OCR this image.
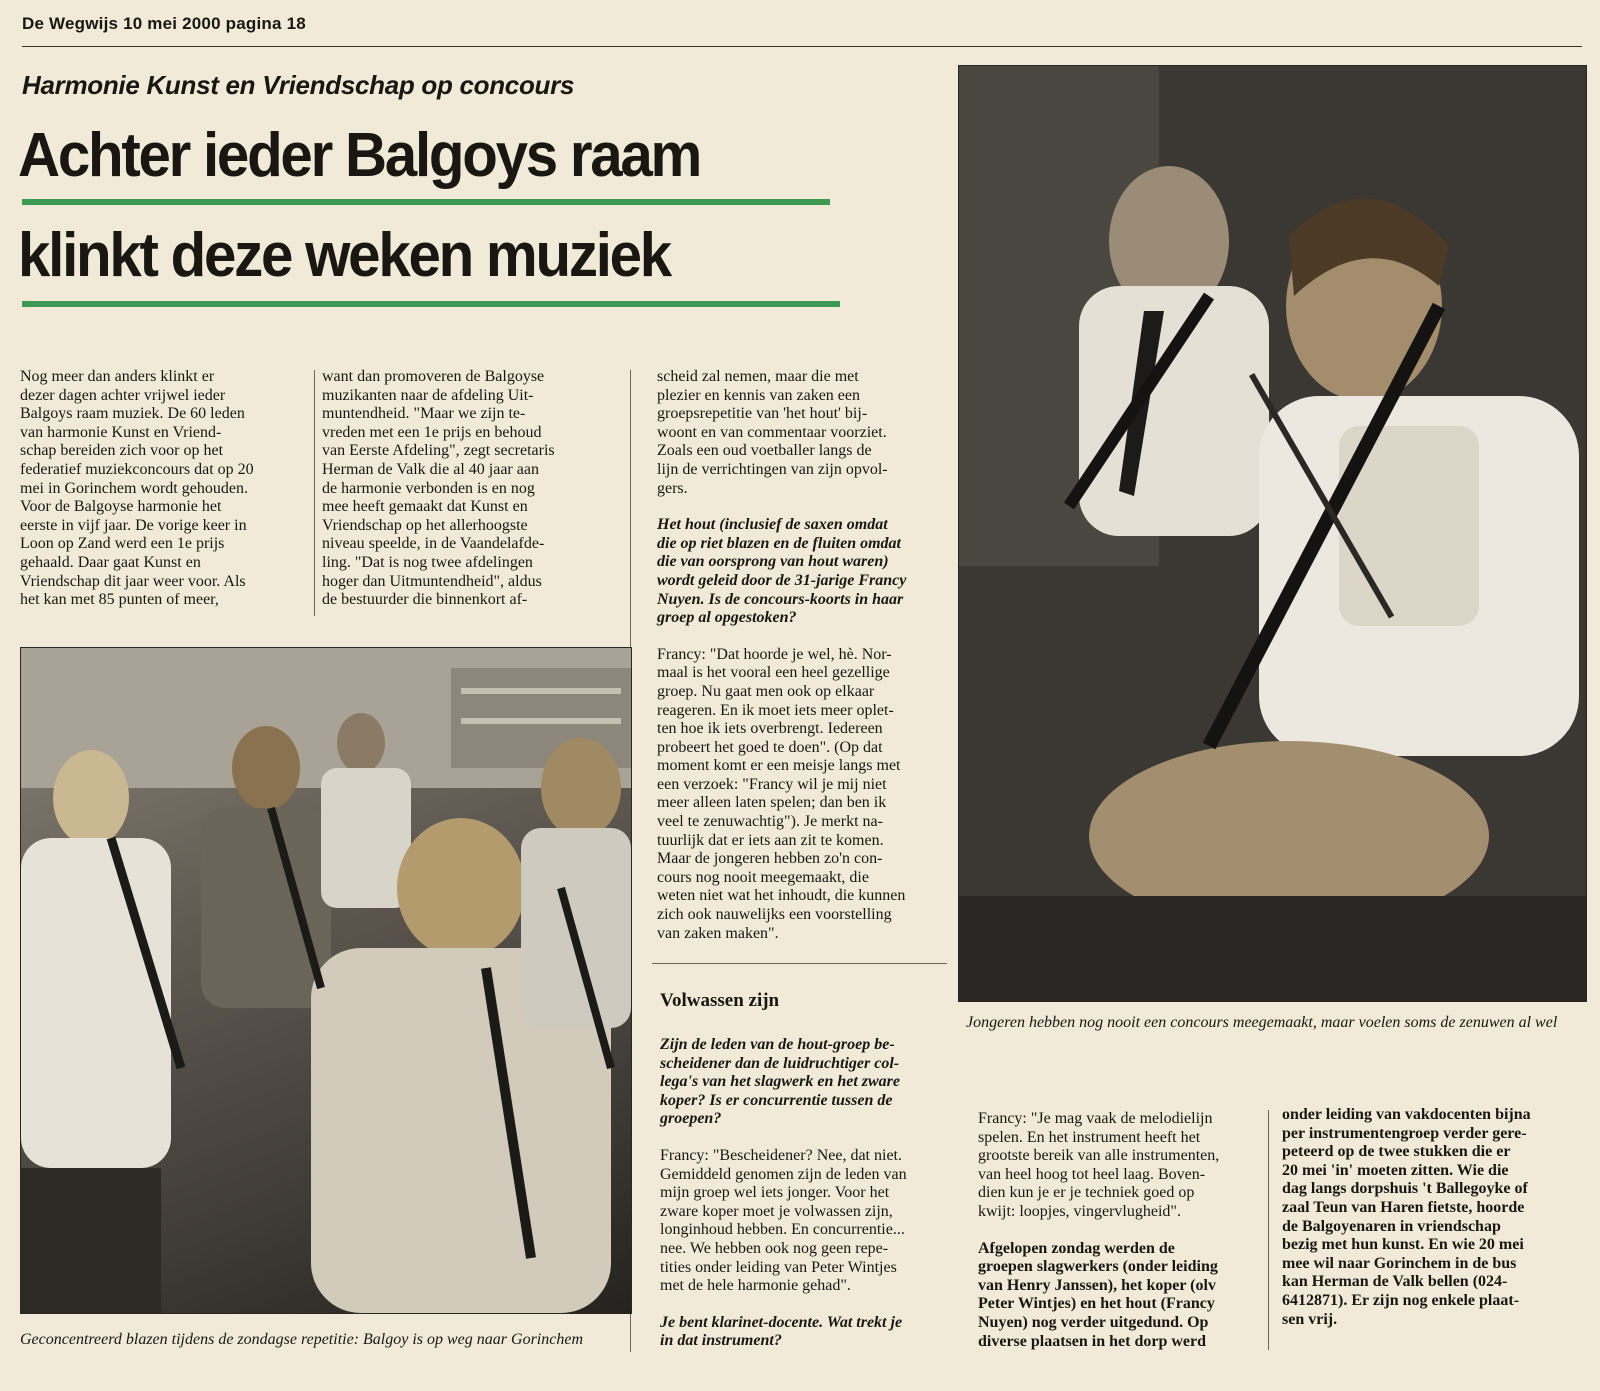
De Wegwijs 10 mei 2000 pagina 18
Harmonie Kunst en Vriendschap op concours
Achter ieder Balgoys raam
klinkt deze weken muziek

Nog meer dan anders klinkt er

dezer dagen achter vrijwel ieder

Balgoys raam muziek. De 60 leden

van harmonie Kunst en Vriend-

schap bereiden zich voor op het

federatief muziekconcours dat op 20

mei in Gorinchem wordt gehouden.

Voor de Balgoyse harmonie het

eerste in vijf jaar. De vorige keer in

Loon op Zand werd een 1e prijs

gehaald. Daar gaat Kunst en

Vriendschap dit jaar weer voor. Als

het kan met 85 punten of meer,

want dan promoveren de Balgoyse

muzikanten naar de afdeling Uit-

muntendheid. "Maar we zijn te-

vreden met een 1e prijs en behoud

van Eerste Afdeling", zegt secretaris

Herman de Valk die al 40 jaar aan

de harmonie verbonden is en nog

mee heeft gemaakt dat Kunst en

Vriendschap op het allerhoogste

niveau speelde, in de Vaandelafde-

ling. "Dat is nog twee afdelingen

hoger dan Uitmuntendheid", aldus

de bestuurder die binnenkort af-

scheid zal nemen, maar die met

plezier en kennis van zaken een

groepsrepetitie van 'het hout' bij-

woont en van commentaar voorziet.

Zoals een oud voetballer langs de

lijn de verrichtingen van zijn opvol-

gers.

Het hout (inclusief de saxen omdat

die op riet blazen en de fluiten omdat

die van oorsprong van hout waren)

wordt geleid door de 31-jarige Francy

Nuyen. Is de concours-koorts in haar

groep al opgestoken?

Francy: "Dat hoorde je wel, hè. Nor-

maal is het vooral een heel gezellige

groep. Nu gaat men ook op elkaar

reageren. En ik moet iets meer oplet-

ten hoe ik iets overbrengt. Iedereen

probeert het goed te doen". (Op dat

moment komt er een meisje langs met

een verzoek: "Francy wil je mij niet

meer alleen laten spelen; dan ben ik

veel te zenuwachtig"). Je merkt na-

tuurlijk dat er iets aan zit te komen.

Maar de jongeren hebben zo'n con-

cours nog nooit meegemaakt, die

weten niet wat het inhoudt, die kunnen

zich ook nauwelijks een voorstelling

van zaken maken".

Volwassen zijn

Zijn de leden van de hout-groep be-

scheidener dan de luidruchtiger col-

lega's van het slagwerk en het zware

koper? Is er concurrentie tussen de

groepen?

Francy: "Bescheidener? Nee, dat niet.

Gemiddeld genomen zijn de leden van

mijn groep wel iets jonger. Voor het

zware koper moet je volwassen zijn,

longinhoud hebben. En concurrentie...

nee. We hebben ook nog geen repe-

tities onder leiding van Peter Wintjes

met de hele harmonie gehad".

Je bent klarinet-docente. Wat trekt je

in dat instrument?

Geconcentreerd blazen tijdens de zondagse repetitie: Balgoy is op weg naar Gorinchem
Jongeren hebben nog nooit een concours meegemaakt, maar voelen soms de zenuwen al wel

Francy: "Je mag vaak de melodielijn

spelen. En het instrument heeft het

grootste bereik van alle instrumenten,

van heel hoog tot heel laag. Boven-

dien kun je er je techniek goed op

kwijt: loopjes, vingervlugheid".

Afgelopen zondag werden de

groepen slagwerkers (onder leiding

van Henry Janssen), het koper (olv

Peter Wintjes) en het hout (Francy

Nuyen) nog verder uitgedund. Op

diverse plaatsen in het dorp werd

onder leiding van vakdocenten bijna

per instrumentengroep verder gere-

peteerd op de twee stukken die er

20 mei 'in' moeten zitten. Wie die

dag langs dorpshuis 't Ballegoyke of

zaal Teun van Haren fietste, hoorde

de Balgoyenaren in vriendschap

bezig met hun kunst. En wie 20 mei

mee wil naar Gorinchem in de bus

kan Herman de Valk bellen (024-

6412871). Er zijn nog enkele plaat-

sen vrij.
